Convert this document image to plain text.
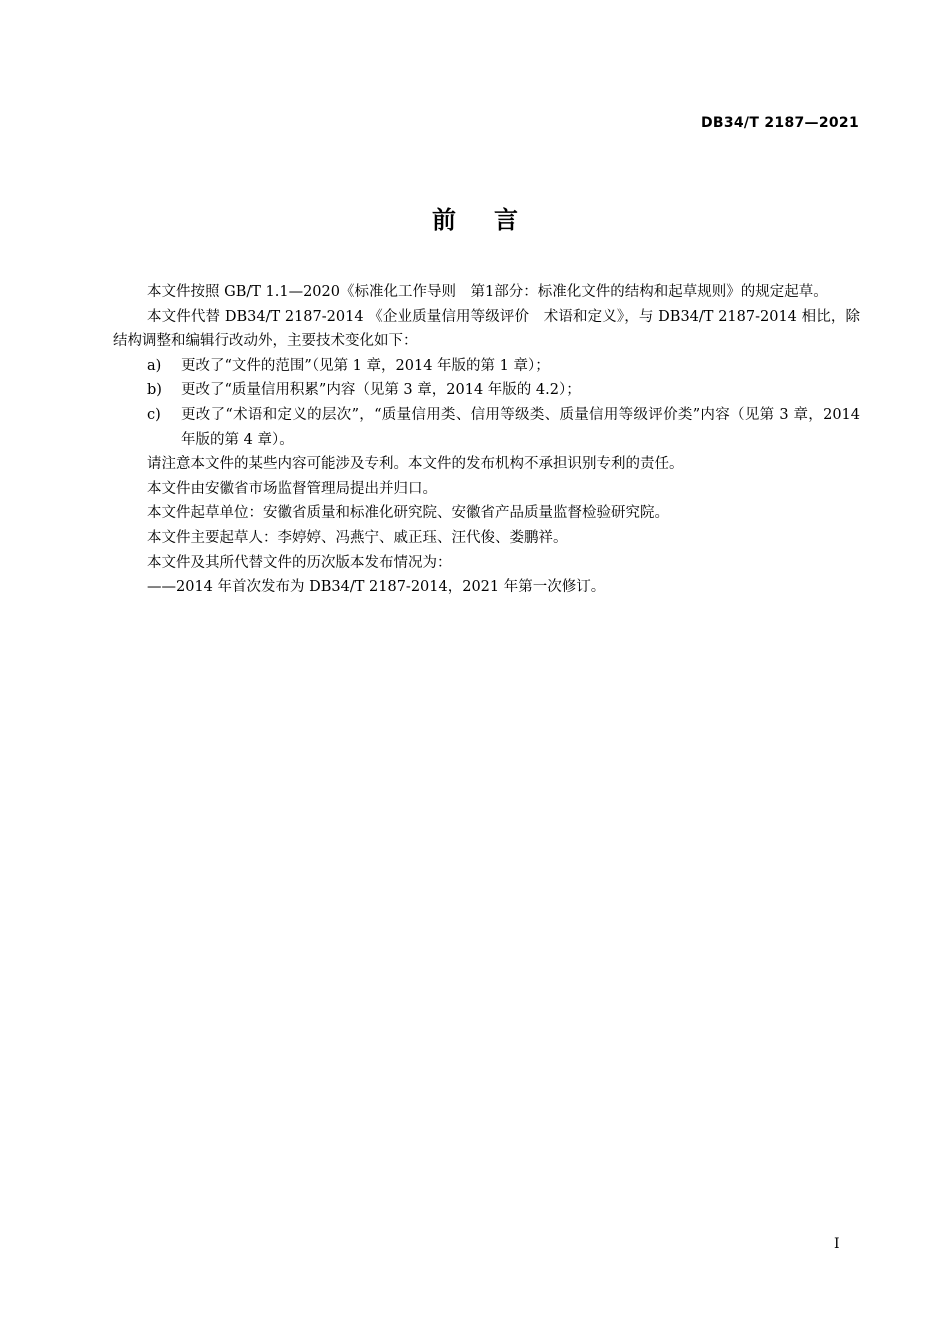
DB34/T 2187—2021
前言

本文件按照 GB/T 1.1—2020《标准化工作导则　第1部分：标准化文件的结构和起草规则》的规定起草。

本文件代替 DB34/T 2187-2014 《企业质量信用等级评价　术语和定义》，与 DB34/T 2187-2014 相比，除结构调整和编辑行改动外，主要技术变化如下：

a) 更改了“文件的范围”（见第 1 章，2014 年版的第 1 章）；
b) 更改了“质量信用积累”内容（见第 3 章，2014 年版的 4.2）；
c) 更改了“术语和定义的层次”，“质量信用类、信用等级类、质量信用等级评价类”内容（见第 3 章，2014 年版的第 4 章）。

请注意本文件的某些内容可能涉及专利。本文件的发布机构不承担识别专利的责任。

本文件由安徽省市场监督管理局提出并归口。

本文件起草单位：安徽省质量和标准化研究院、安徽省产品质量监督检验研究院。

本文件主要起草人：李婷婷、冯燕宁、戚正珏、汪代俊、娄鹏祥。

本文件及其所代替文件的历次版本发布情况为：

——2014 年首次发布为 DB34/T 2187-2014，2021 年第一次修订。

I
